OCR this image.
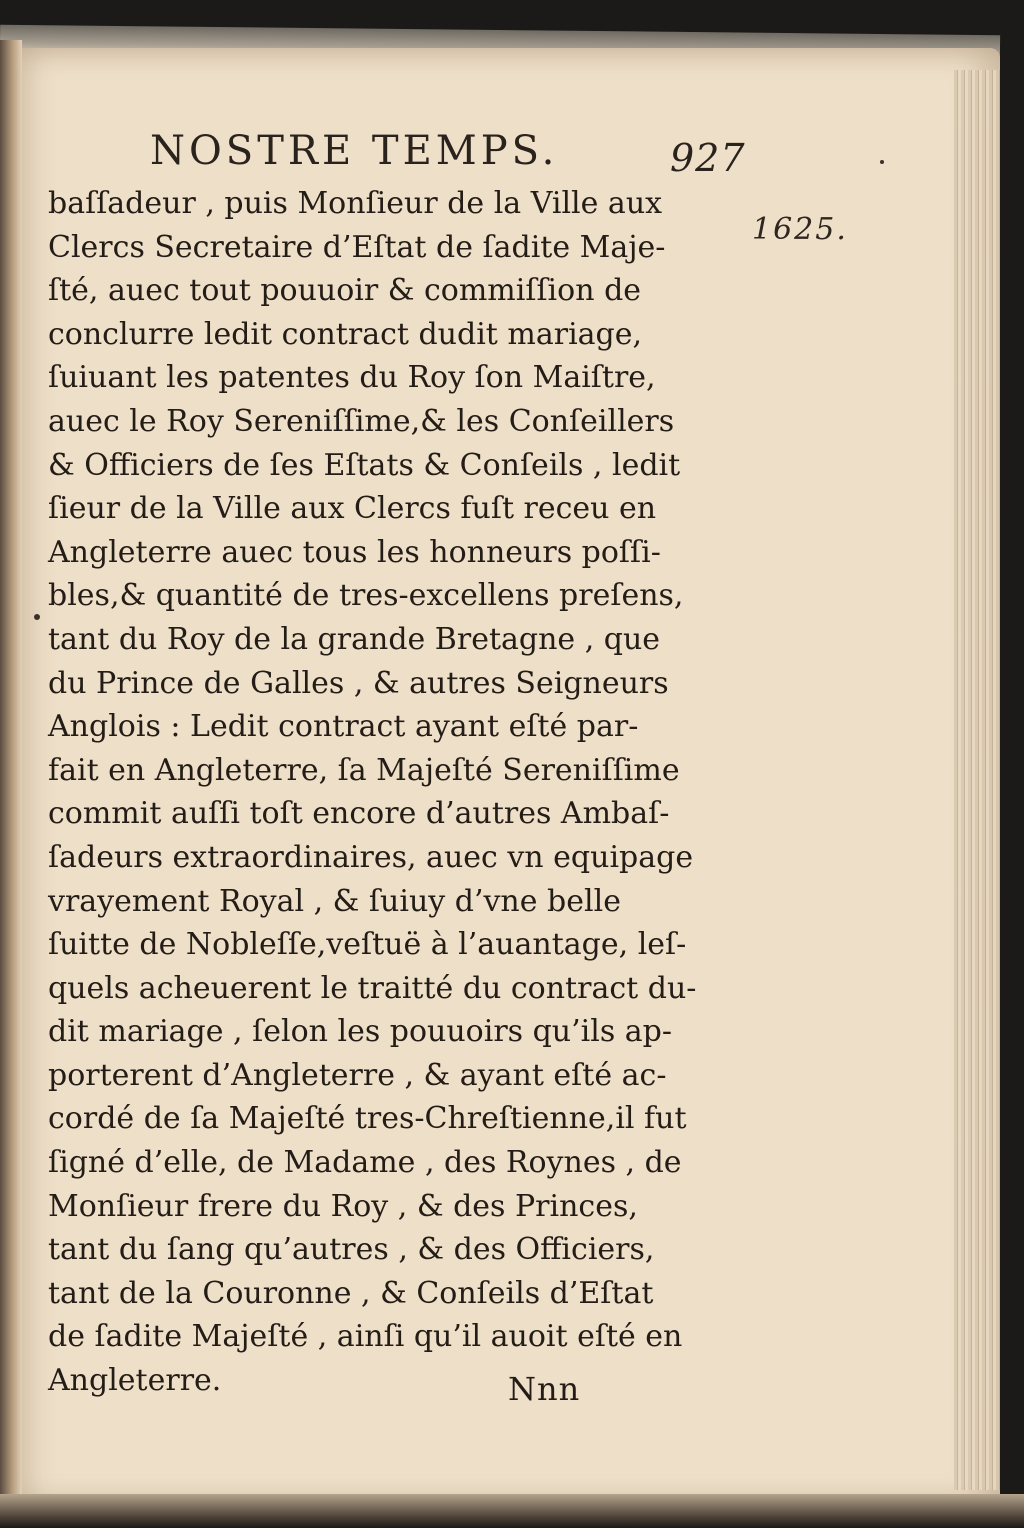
NOSTRE TEMPS.	927
1625.
baſſadeur , puis Monſieur de la Ville aux
Clercs Secretaire d’Eſtat de ſadite Maje-
ſté, auec tout pouuoir & commiſſion de
conclurre ledit contract dudit mariage,
ſuiuant les patentes du Roy ſon Maiſtre,
auec le Roy Sereniſſime,& les Conſeillers
& Officiers de ſes Eſtats & Conſeils , ledit
ſieur de la Ville aux Clercs fuſt receu en
Angleterre auec tous les honneurs poſſi-
bles,& quantité de tres-excellens preſens,
tant du Roy de la grande Bretagne , que
du Prince de Galles , & autres Seigneurs
Anglois : Ledit contract ayant eſté par-
fait en Angleterre, ſa Majeſté Sereniſſime
commit auſſi toſt encore d’autres Ambaſ-
ſadeurs extraordinaires, auec vn equipage
vrayement Royal , & ſuiuy d’vne belle
ſuitte de Nobleſſe,veſtuë à l’auantage, leſ-
quels acheuerent le traitté du contract du-
dit mariage , ſelon les pouuoirs qu’ils ap-
porterent d’Angleterre , & ayant eſté ac-
cordé de ſa Majeſté tres-Chreſtienne,il fut
ſigné d’elle, de Madame , des Roynes , de
Monſieur frere du Roy , & des Princes,
tant du ſang qu’autres , & des Officiers,
tant de la Couronne , & Conſeils d’Eſtat
de ſadite Majeſté , ainſi qu’il auoit eſté en
Angleterre.	Nnn
